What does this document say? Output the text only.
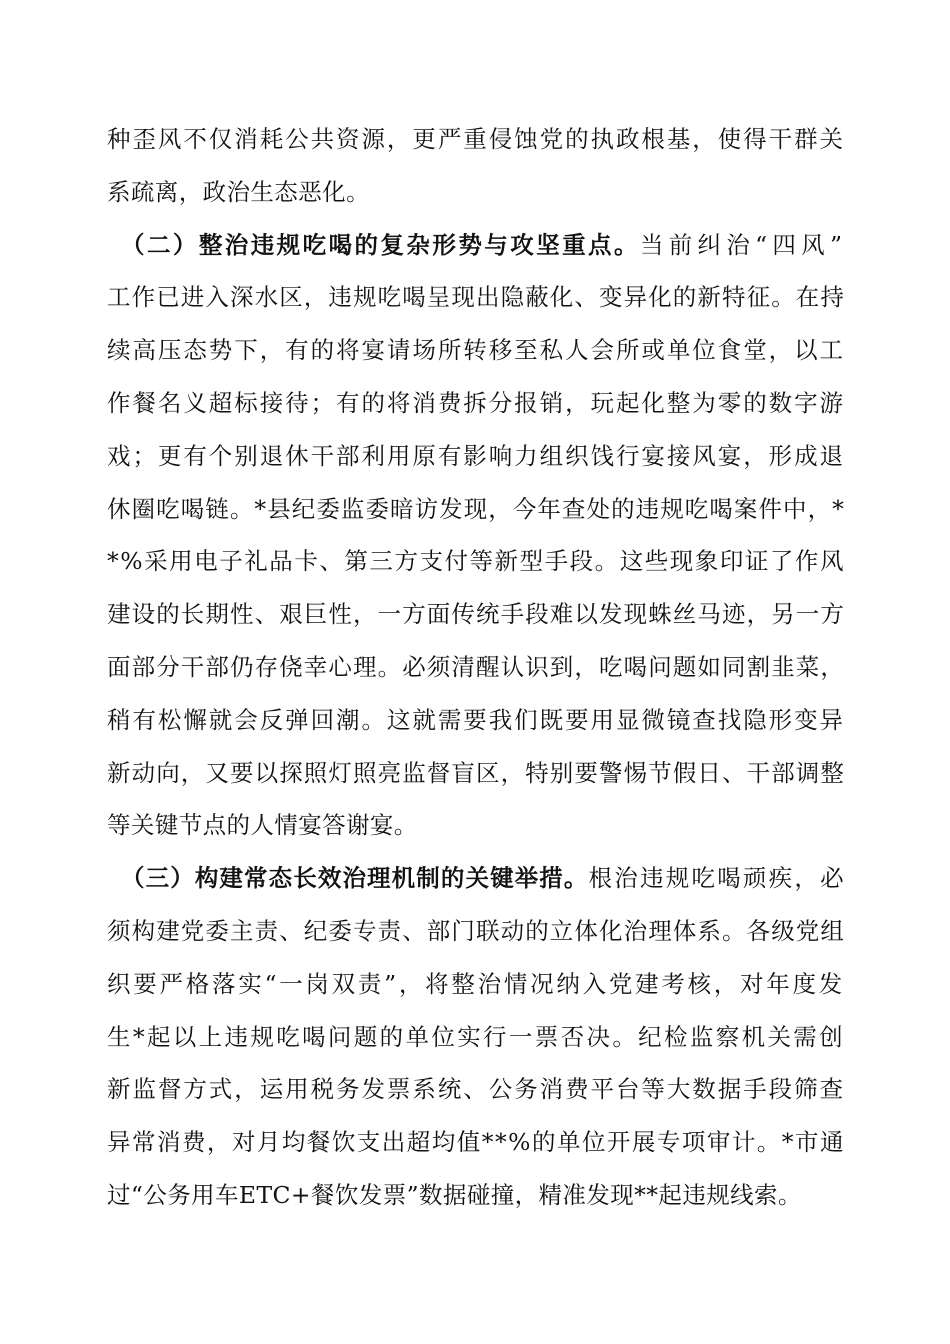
种歪风不仅消耗公共资源，更严重侵蚀党的执政根基，使得干群关
系疏离，政治生态恶化。
（二）整治违规吃喝的复杂形势与攻坚重点。当前纠治“四风”
工作已进入深水区，违规吃喝呈现出隐蔽化、变异化的新特征。在持
续高压态势下，有的将宴请场所转移至私人会所或单位食堂，以工
作餐名义超标接待；有的将消费拆分报销，玩起化整为零的数字游
戏；更有个别退休干部利用原有影响力组织饯行宴接风宴，形成退
休圈吃喝链。*县纪委监委暗访发现，今年查处的违规吃喝案件中，*
*%采用电子礼品卡、第三方支付等新型手段。这些现象印证了作风
建设的长期性、艰巨性，一方面传统手段难以发现蛛丝马迹，另一方
面部分干部仍存侥幸心理。必须清醒认识到，吃喝问题如同割韭菜，
稍有松懈就会反弹回潮。这就需要我们既要用显微镜查找隐形变异
新动向，又要以探照灯照亮监督盲区，特别要警惕节假日、干部调整
等关键节点的人情宴答谢宴。
（三）构建常态长效治理机制的关键举措。根治违规吃喝顽疾，必
须构建党委主责、纪委专责、部门联动的立体化治理体系。各级党组
织要严格落实“一岗双责”，将整治情况纳入党建考核，对年度发
生*起以上违规吃喝问题的单位实行一票否决。纪检监察机关需创
新监督方式，运用税务发票系统、公务消费平台等大数据手段筛查
异常消费，对月均餐饮支出超均值**%的单位开展专项审计。*市通
过“公务用车ETC+餐饮发票”数据碰撞，精准发现**起违规线索。
